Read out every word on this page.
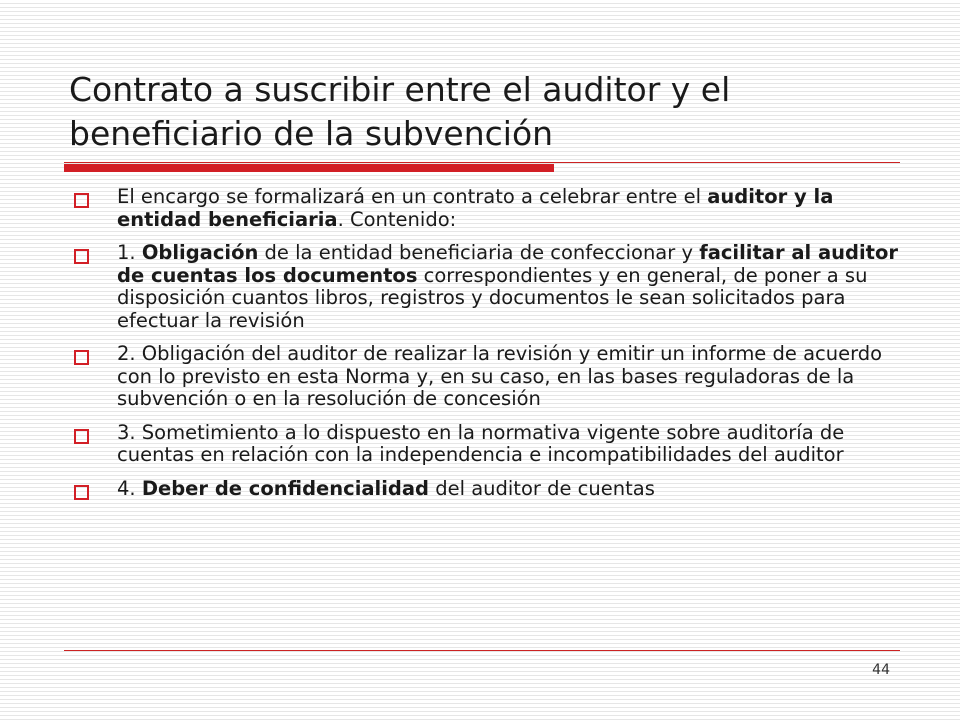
Contrato a suscribir entre el auditor y el beneficiario de la subvención
El encargo se formalizará en un contrato a celebrar entre el auditor y la entidad beneficiaria. Contenido:
1. Obligación de la entidad beneficiaria de confeccionar y facilitar al auditor de cuentas los documentos correspondientes y en general, de poner a su disposición cuantos libros, registros y documentos le sean solicitados para efectuar la revisión
2. Obligación del auditor de realizar la revisión y emitir un informe de acuerdo con lo previsto en esta Norma y, en su caso, en las bases reguladoras de la subvención o en la resolución de concesión
3. Sometimiento a lo dispuesto en la normativa vigente sobre auditoría de cuentas en relación con la independencia e incompatibilidades del auditor
4. Deber de confidencialidad del auditor de cuentas
44
